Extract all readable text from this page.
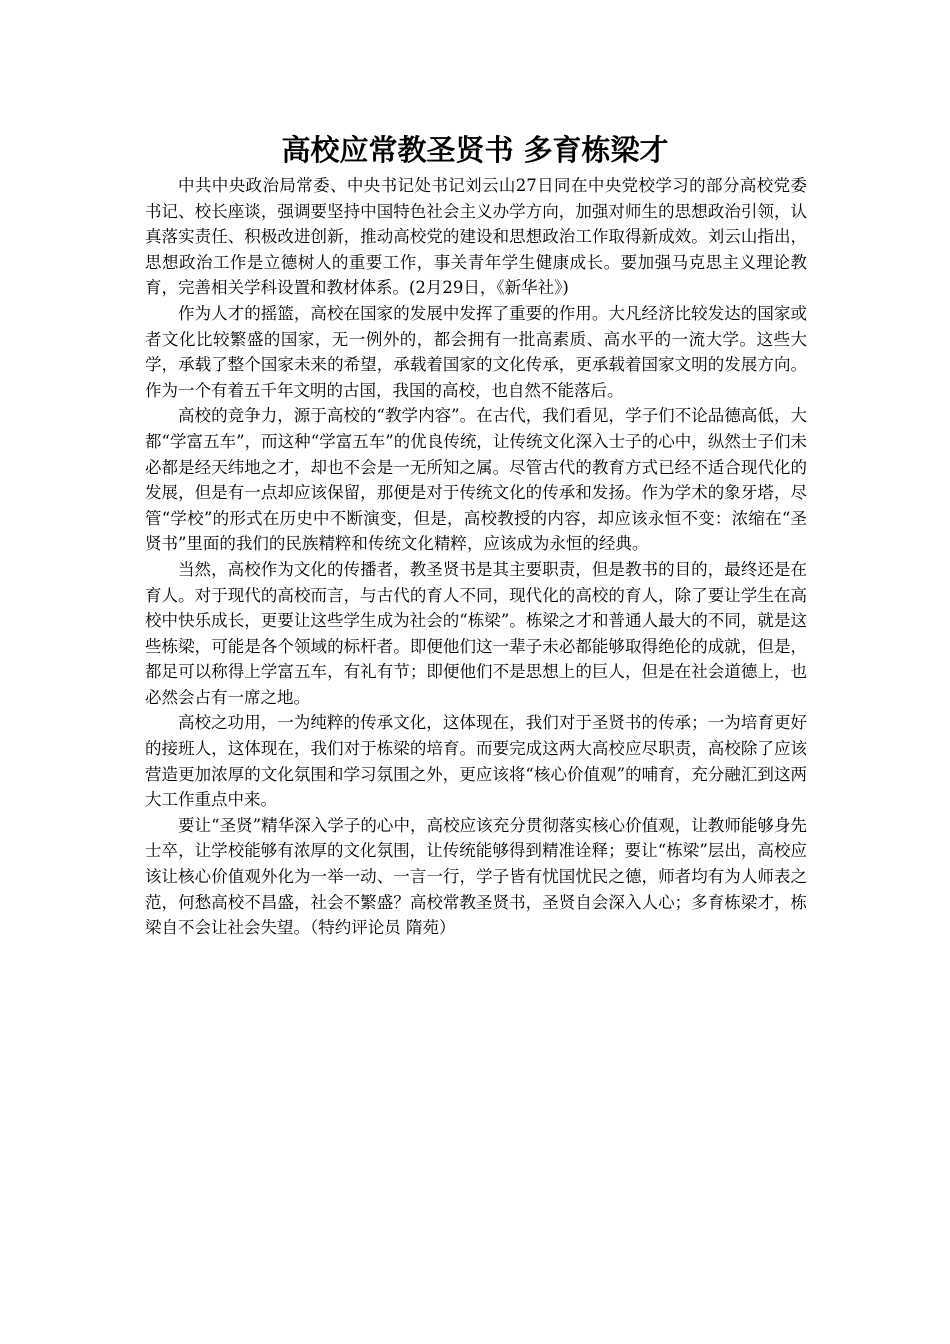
高校应常教圣贤书 多育栋梁才

中共中央政治局常委、中央书记处书记刘云山27日同在中央党校学习的部分高校党委书记、校长座谈，强调要坚持中国特色社会主义办学方向，加强对师生的思想政治引领，认真落实责任、积极改进创新，推动高校党的建设和思想政治工作取得新成效。刘云山指出，思想政治工作是立德树人的重要工作，事关青年学生健康成长。要加强马克思主义理论教育，完善相关学科设置和教材体系。(2月29日，《新华社》)

作为人才的摇篮，高校在国家的发展中发挥了重要的作用。大凡经济比较发达的国家或者文化比较繁盛的国家，无一例外的，都会拥有一批高素质、高水平的一流大学。这些大学，承载了整个国家未来的希望，承载着国家的文化传承，更承载着国家文明的发展方向。作为一个有着五千年文明的古国，我国的高校，也自然不能落后。

高校的竞争力，源于高校的“教学内容”。在古代，我们看见，学子们不论品德高低，大都“学富五车”，而这种“学富五车”的优良传统，让传统文化深入士子的心中，纵然士子们未必都是经天纬地之才，却也不会是一无所知之属。尽管古代的教育方式已经不适合现代化的发展，但是有一点却应该保留，那便是对于传统文化的传承和发扬。作为学术的象牙塔，尽管“学校”的形式在历史中不断演变，但是，高校教授的内容，却应该永恒不变：浓缩在“圣贤书”里面的我们的民族精粹和传统文化精粹，应该成为永恒的经典。

当然，高校作为文化的传播者，教圣贤书是其主要职责，但是教书的目的，最终还是在育人。对于现代的高校而言，与古代的育人不同，现代化的高校的育人，除了要让学生在高校中快乐成长，更要让这些学生成为社会的“栋梁”。栋梁之才和普通人最大的不同，就是这些栋梁，可能是各个领域的标杆者。即便他们这一辈子未必都能够取得绝伦的成就，但是，都足可以称得上学富五车，有礼有节；即便他们不是思想上的巨人，但是在社会道德上，也必然会占有一席之地。

高校之功用，一为纯粹的传承文化，这体现在，我们对于圣贤书的传承；一为培育更好的接班人，这体现在，我们对于栋梁的培育。而要完成这两大高校应尽职责，高校除了应该营造更加浓厚的文化氛围和学习氛围之外，更应该将“核心价值观”的哺育，充分融汇到这两大工作重点中来。

要让“圣贤”精华深入学子的心中，高校应该充分贯彻落实核心价值观，让教师能够身先士卒，让学校能够有浓厚的文化氛围，让传统能够得到精准诠释；要让“栋梁”层出，高校应该让核心价值观外化为一举一动、一言一行，学子皆有忧国忧民之德，师者均有为人师表之范，何愁高校不昌盛，社会不繁盛？高校常教圣贤书，圣贤自会深入人心；多育栋梁才，栋梁自不会让社会失望。（特约评论员 隋苑）
